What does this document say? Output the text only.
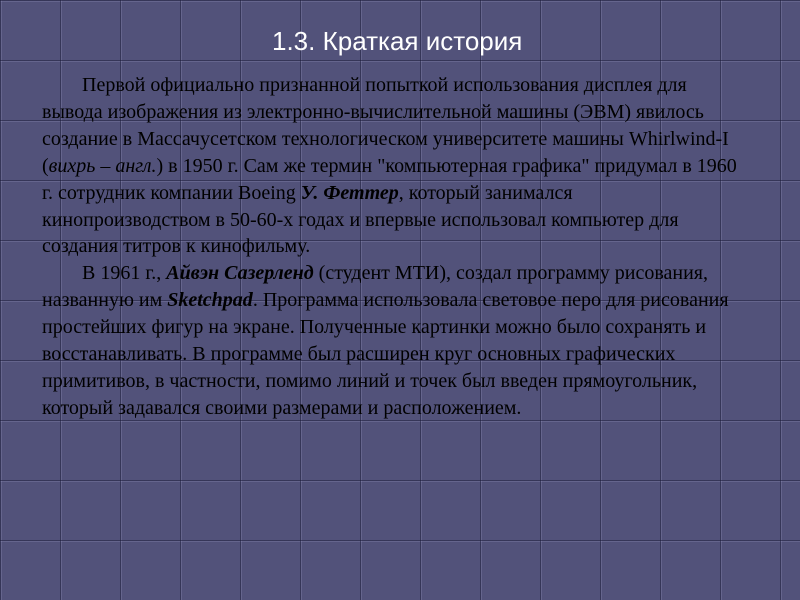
1.3. Краткая история

Первой официально признанной попыткой использования дисплея для вывода изображения из электронно-вычислительной машины (ЭВМ) явилось создание в Массачусетском технологическом университете машины Whirlwind-I (вихрь – англ.) в 1950 г. Сам же термин "компьютерная графика" придумал в 1960 г. сотрудник компании Boeing У. Феттер, который занимался кинопроизводством в 50-60-х годах и впервые использовал компьютер для создания титров к кинофильму.

В 1961 г., Айвэн Сазерленд (студент МТИ), создал программу рисования, названную им Sketchpad. Программа использовала световое перо для рисования простейших фигур на экране. Полученные картинки можно было сохранять и восстанавливать. В программе был расширен круг основных графических примитивов, в частности, помимо линий и точек был введен прямоугольник, который задавался своими размерами и расположением.
